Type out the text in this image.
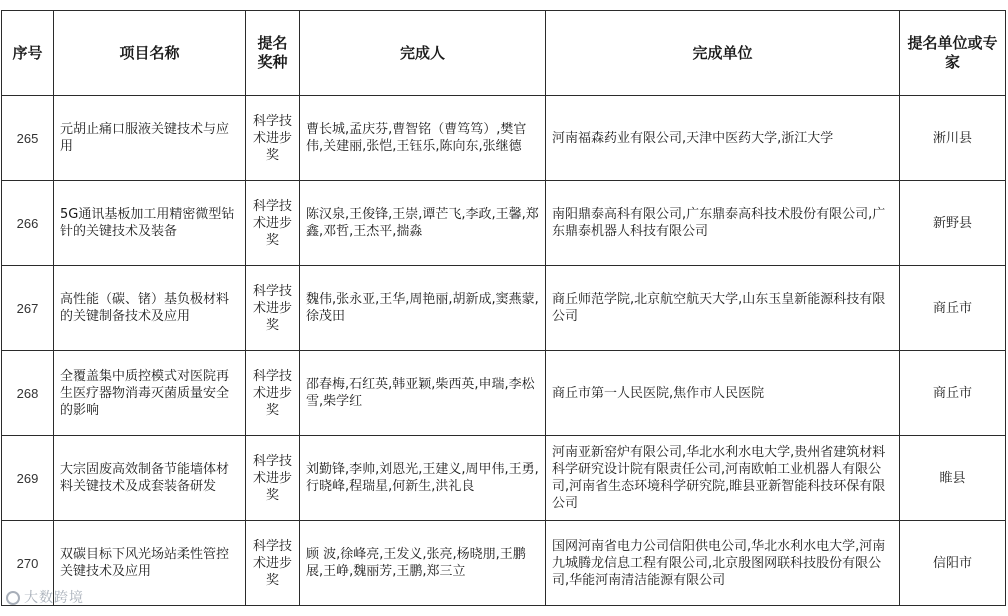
序号	项目名称	提名奖种	完成人	完成单位	提名单位或专家
265	元胡止痛口服液关键技术与应用	科学技术进步奖	曹长城,孟庆芬,曹智铭（曹笃笃）,樊官伟,关建丽,张恺,王钰乐,陈向东,张继德	河南福森药业有限公司,天津中医药大学,浙江大学	淅川县
266	5G通讯基板加工用精密微型钻针的关键技术及装备	科学技术进步奖	陈汉泉,王俊锋,王崇,谭芒飞,李政,王馨,郑鑫,邓哲,王杰平,揣淼	南阳鼎泰高科有限公司,广东鼎泰高科技术股份有限公司,广东鼎泰机器人科技有限公司	新野县
267	高性能（碳、锗）基负极材料的关键制备技术及应用	科学技术进步奖	魏伟,张永亚,王华,周艳丽,胡新成,窦燕蒙,徐茂田	商丘师范学院,北京航空航天大学,山东玉皇新能源科技有限公司	商丘市
268	全覆盖集中质控模式对医院再生医疗器物消毒灭菌质量安全的影响	科学技术进步奖	邵春梅,石红英,韩亚颖,柴西英,申瑞,李松雪,柴学红	商丘市第一人民医院,焦作市人民医院	商丘市
269	大宗固废高效制备节能墙体材料关键技术及成套装备研发	科学技术进步奖	刘勤锋,李帅,刘恩光,王建义,周甲伟,王勇,行晓峰,程瑞星,何新生,洪礼良	河南亚新窑炉有限公司,华北水利水电大学,贵州省建筑材料科学研究设计院有限责任公司,河南欧帕工业机器人有限公司,河南省生态环境科学研究院,睢县亚新智能科技环保有限公司	睢县
270	双碳目标下风光场站柔性管控关键技术及应用	科学技术进步奖	顾 波,徐峰亮,王发义,张亮,杨晓朋,王鹏展,王峥,魏丽芳,王鹏,郑三立	国网河南省电力公司信阳供电公司,华北水利水电大学,河南九城腾龙信息工程有限公司,北京殷图网联科技股份有限公司,华能河南清洁能源有限公司	信阳市
大数跨境
